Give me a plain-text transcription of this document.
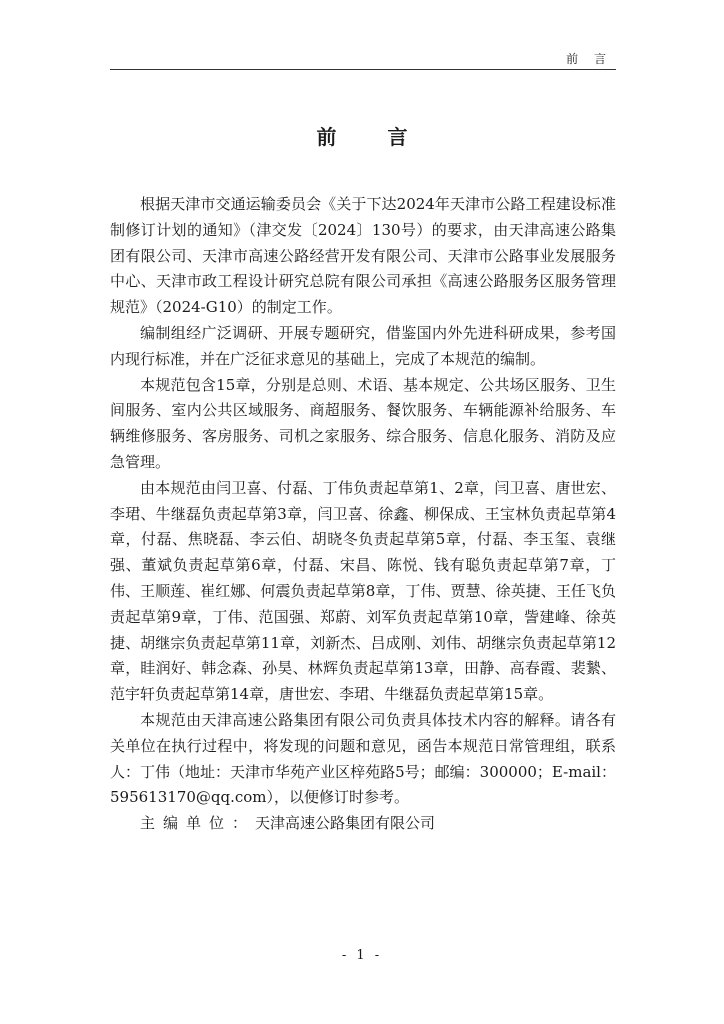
前 言
前 言

根据天津市交通运输委员会《关于下达2024年天津市公路工程建设标准制修订计划的通知》（津交发〔2024〕130号）的要求，由天津高速公路集团有限公司、天津市高速公路经营开发有限公司、天津市公路事业发展服务中心、天津市政工程设计研究总院有限公司承担《高速公路服务区服务管理规范》（2024-G10）的制定工作。

编制组经广泛调研、开展专题研究，借鉴国内外先进科研成果，参考国内现行标准，并在广泛征求意见的基础上，完成了本规范的编制。

本规范包含15章，分别是总则、术语、基本规定、公共场区服务、卫生间服务、室内公共区域服务、商超服务、餐饮服务、车辆能源补给服务、车辆维修服务、客房服务、司机之家服务、综合服务、信息化服务、消防及应急管理。

由本规范由闫卫喜、付磊、丁伟负责起草第1、2章，闫卫喜、唐世宏、李珺、牛继磊负责起草第3章，闫卫喜、徐鑫、柳保成、王宝林负责起草第4章，付磊、焦晓磊、李云伯、胡晓冬负责起草第5章，付磊、李玉玺、袁继强、董斌负责起草第6章，付磊、宋昌、陈悦、钱有聪负责起草第7章，丁伟、王顺莲、崔红娜、何震负责起草第8章，丁伟、贾慧、徐英捷、王任飞负责起草第9章，丁伟、范国强、郑蔚、刘军负责起草第10章，訾建峰、徐英捷、胡继宗负责起草第11章，刘新杰、吕成刚、刘伟、胡继宗负责起草第12章，眭润好、韩念森、孙昊、林辉负责起草第13章，田静、高春霞、裴縶、范宇轩负责起草第14章，唐世宏、李珺、牛继磊负责起草第15章。

本规范由天津高速公路集团有限公司负责具体技术内容的解释。请各有关单位在执行过程中，将发现的问题和意见，函告本规范日常管理组，联系人：丁伟（地址：天津市华苑产业区梓苑路5号；邮编：300000；E-mail：595613170@qq.com），以便修订时参考。

主编单位：天津高速公路集团有限公司

- 1 -
